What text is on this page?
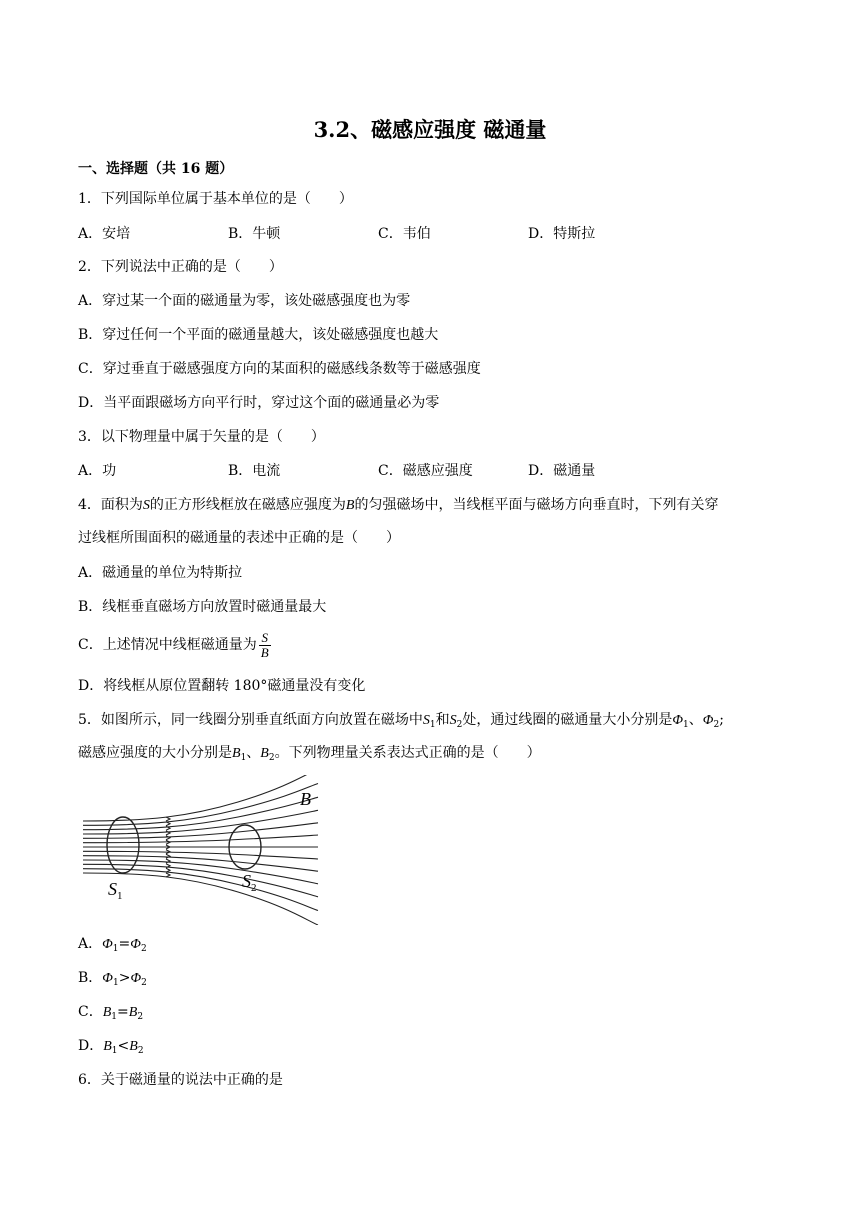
3.2、磁感应强度 磁通量
一、选择题（共 16 题）
1．下列国际单位属于基本单位的是（　　）
A．安培	B．牛顿	C．韦伯	D．特斯拉
2．下列说法中正确的是（　　）
A．穿过某一个面的磁通量为零，该处磁感强度也为零
B．穿过任何一个平面的磁通量越大，该处磁感强度也越大
C．穿过垂直于磁感强度方向的某面积的磁感线条数等于磁感强度
D．当平面跟磁场方向平行时，穿过这个面的磁通量必为零
3．以下物理量中属于矢量的是（　　）
A．功	B．电流	C．磁感应强度	D．磁通量
4．面积为S的正方形线框放在磁感应强度为B的匀强磁场中，当线框平面与磁场方向垂直时，下列有关穿
过线框所围面积的磁通量的表述中正确的是（　　）
A．磁通量的单位为特斯拉
B．线框垂直磁场方向放置时磁通量最大
C．上述情况中线框磁通量为 $\frac{S}{B}$
D．将线框从原位置翻转 180°磁通量没有变化
5．如图所示，同一线圈分别垂直纸面方向放置在磁场中$S_1$和$S_2$处，通过线圈的磁通量大小分别是$\Phi_1$、$\Phi_2$;
磁感应强度的大小分别是$B_1$、$B_2$。下列物理量关系表达式正确的是（　　）
B
$S_1$
$S_2$
A．$\Phi_1=\Phi_2$
B．$\Phi_1>\Phi_2$
C．$B_1=B_2$
D．$B_1<B_2$
6．关于磁通量的说法中正确的是
